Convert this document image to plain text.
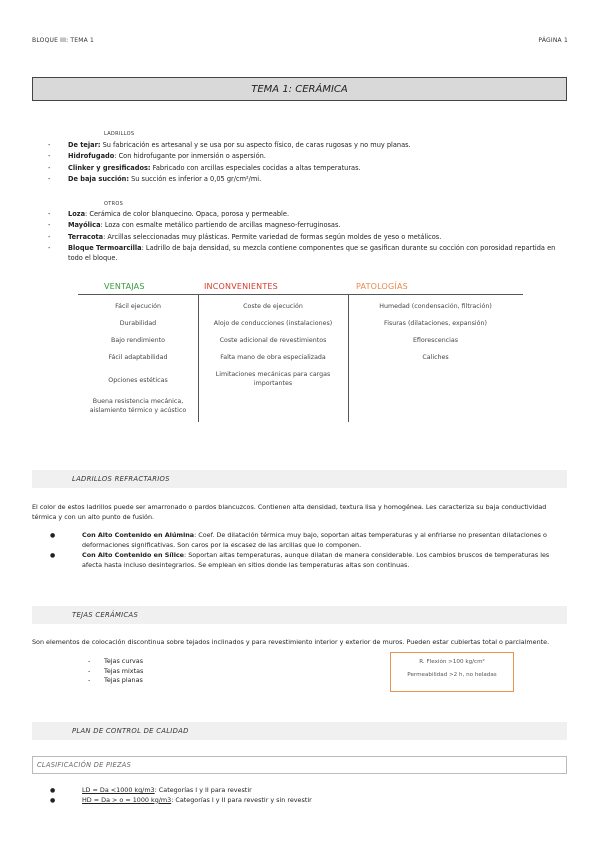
BLOQUE III: TEMA 1	PÁGINA 1
TEMA 1: CERÁMICA
LADRILLOS
- De tejar: Su fabricación es artesanal y se usa por su aspecto físico, de caras rugosas y no muy planas.
- Hidrofugado: Con hidrofugante por inmersión o aspersión.
- Clinker y gresificados: Fabricado con arcillas especiales cocidas a altas temperaturas.
- De baja succión: Su succión es inferior a 0,05 gr/cm²/mi.
OTROS
- Loza: Cerámica de color blanquecino. Opaca, porosa y permeable.
- Mayólica: Loza con esmalte metálico partiendo de arcillas magneso-ferruginosas.
- Terracota: Arcillas seleccionadas muy plásticas. Permite variedad de formas según moldes de yeso o metálicos.
- Bloque Termoarcilla: Ladrillo de baja densidad, su mezcla contiene componentes que se gasifican durante su cocción con porosidad repartida en todo el bloque.
VENTAJAS
Fácil ejecución
Durabilidad
Bajo rendimiento
Fácil adaptabilidad
Opciones estéticas
Buena resistencia mecánica, aislamiento térmico y acústico
INCONVENIENTES
Coste de ejecución
Alojo de conducciones (instalaciones)
Coste adicional de revestimientos
Falta mano de obra especializada
Limitaciones mecánicas para cargas importantes
PATOLOGÍAS
Humedad (condensación, filtración)
Fisuras (dilataciones, expansión)
Eflorescencias
Caliches
LADRILLOS REFRACTARIOS
El color de estos ladrillos puede ser amarronado o pardos blancuzcos. Contienen alta densidad, textura lisa y homogénea. Les caracteriza su baja conductividad térmica y con un alto punto de fusión.
● Con Alto Contenido en Alúmina: Coef. De dilatación térmica muy bajo, soportan altas temperaturas y al enfriarse no presentan dilataciones o deformaciones significativas. Son caros por la escasez de las arcillas que lo componen.
● Con Alto Contenido en Sílice: Soportan altas temperaturas, aunque dilatan de manera considerable. Los cambios bruscos de temperaturas les afecta hasta incluso desintegrarlos. Se emplean en sitios donde las temperaturas altas son continuas.
TEJAS CERÁMICAS
Son elementos de colocación discontinua sobre tejados inclinados y para revestimiento interior y exterior de muros. Pueden estar cubiertas total o parcialmente.
- Tejas curvas
- Tejas mixtas
- Tejas planas
R. Flexión >100 kg/cm²
Permeabilidad >2 h, no heladas
PLAN DE CONTROL DE CALIDAD
CLASIFICACIÓN DE PIEZAS
● LD = Da <1000 kg/m3: Categorías I y II para revestir
● HD = Da > o = 1000 kg/m3: Categorías I y II para revestir y sin revestir
